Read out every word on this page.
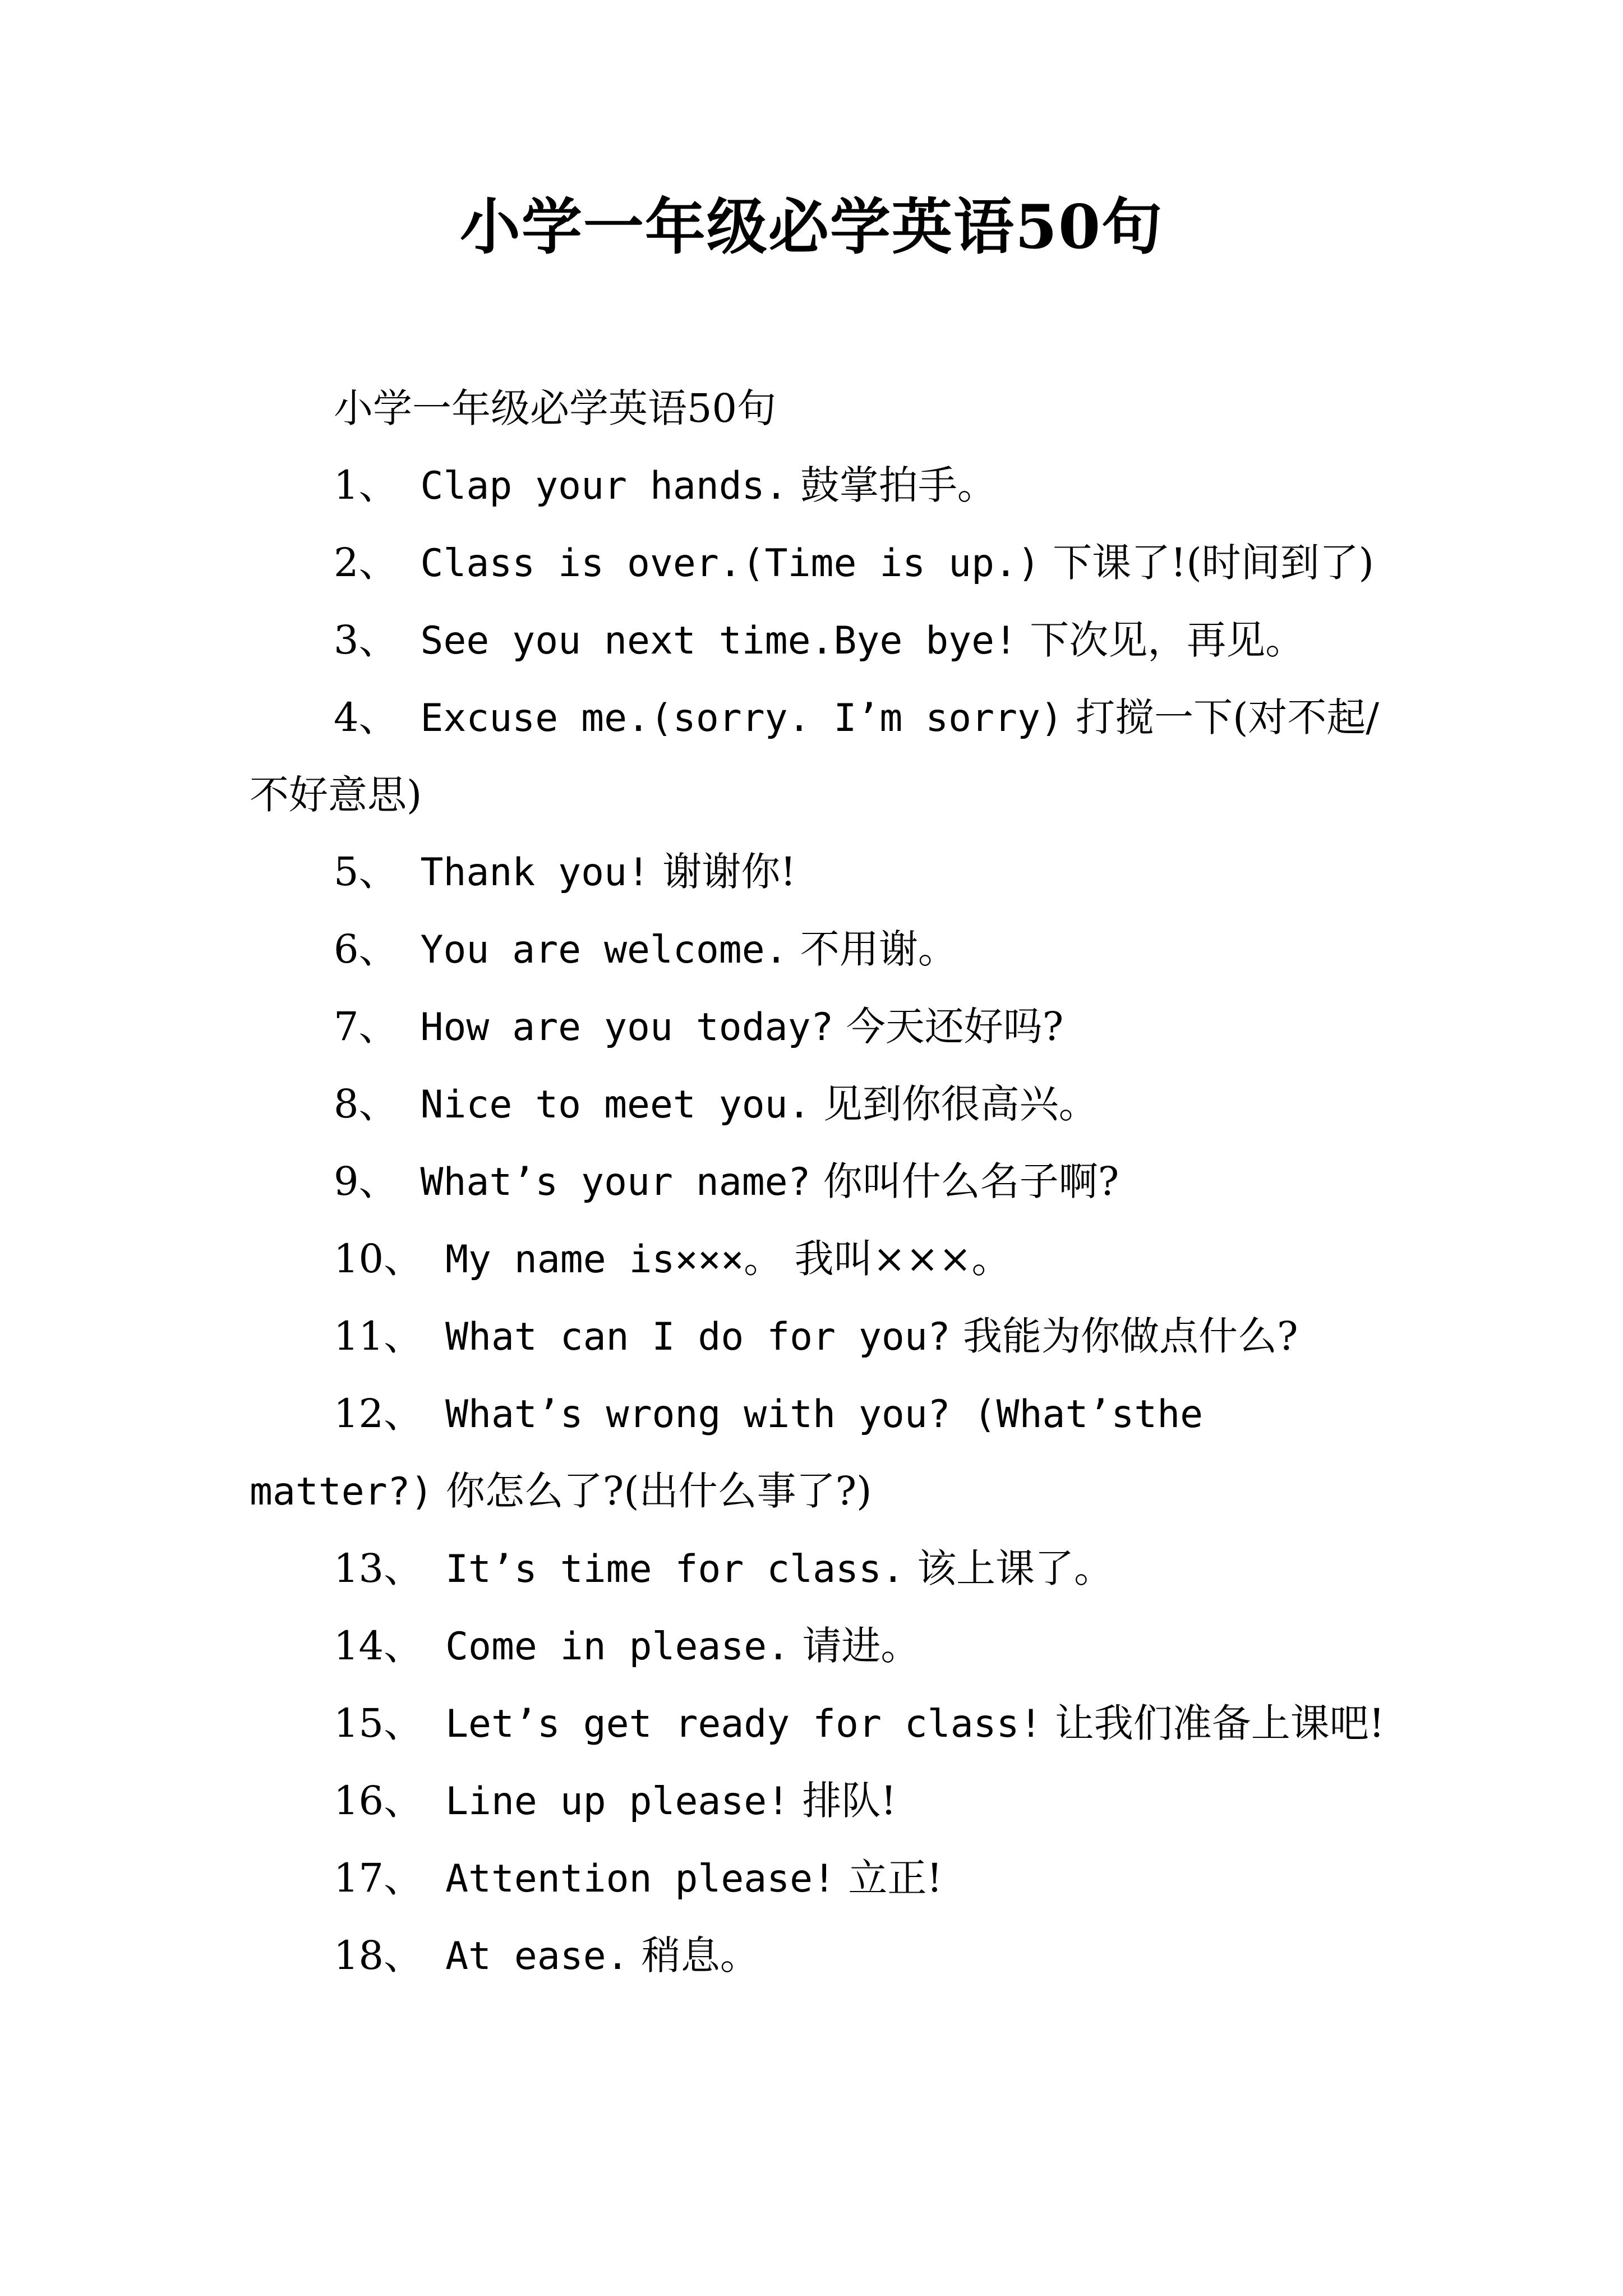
小学一年级必学英语50句

小学一年级必学英语50句

1、 Clap your hands. 鼓掌拍手。

2、 Class is over.(Time is up.) 下课了!(时间到了)

3、 See you next time.Bye bye! 下次见，再见。

4、 Excuse me.(sorry. I’m sorry) 打搅一下(对不起/不好意思)

5、 Thank you! 谢谢你!

6、 You are welcome. 不用谢。

7、 How are you today? 今天还好吗?

8、 Nice to meet you. 见到你很高兴。

9、 What’s your name? 你叫什么名子啊?

10、 My name is×××。 我叫×××。

11、 What can I do for you? 我能为你做点什么?

12、 What’s wrong with you? (What’sthe matter?) 你怎么了?(出什么事了?)

13、 It’s time for class. 该上课了。

14、 Come in please. 请进。

15、 Let’s get ready for class! 让我们准备上课吧!

16、 Line up please! 排队!

17、 Attention please! 立正!

18、 At ease. 稍息。
